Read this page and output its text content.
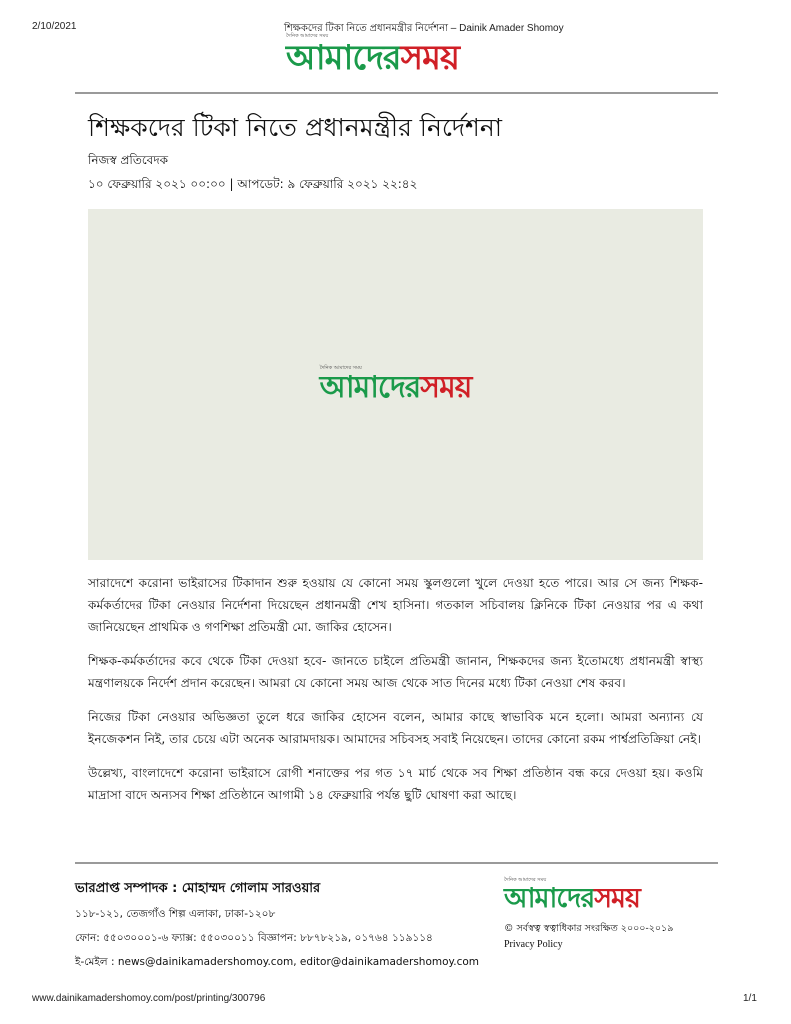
2/10/2021	শিক্ষকদের টিকা নিতে প্রধানমন্ত্রীর নির্দেশনা – Dainik Amader Shomoy
দৈনিক আমাদের সময়
আমাদেরসময়
শিক্ষকদের টিকা নিতে প্রধানমন্ত্রীর নির্দেশনা
নিজস্ব প্রতিবেদক
১০ ফেব্রুয়ারি ২০২১ ০০:০০ | আপডেট: ৯ ফেব্রুয়ারি ২০২১ ২২:৪২
দৈনিক আমাদের সময়
আমাদেরসময়

সারাদেশে করোনা ভাইরাসের টিকাদান শুরু হওয়ায় যে কোনো সময় স্কুলগুলো খুলে দেওয়া হতে পারে। আর সে জন্য শিক্ষক-কর্মকর্তাদের টিকা নেওয়ার নির্দেশনা দিয়েছেন প্রধানমন্ত্রী শেখ হাসিনা। গতকাল সচিবালয় ক্লিনিকে টিকা নেওয়ার পর এ কথা জানিয়েছেন প্রাথমিক ও গণশিক্ষা প্রতিমন্ত্রী মো. জাকির হোসেন।

শিক্ষক-কর্মকর্তাদের কবে থেকে টিকা দেওয়া হবে- জানতে চাইলে প্রতিমন্ত্রী জানান, শিক্ষকদের জন্য ইতোমধ্যে প্রধানমন্ত্রী স্বাস্থ্য মন্ত্রণালয়কে নির্দেশ প্রদান করেছেন। আমরা যে কোনো সময় আজ থেকে সাত দিনের মধ্যে টিকা নেওয়া শেষ করব।

নিজের টিকা নেওয়ার অভিজ্ঞতা তুলে ধরে জাকির হোসেন বলেন, আমার কাছে স্বাভাবিক মনে হলো। আমরা অন্যান্য যে ইনজেকশন নিই, তার চেয়ে এটা অনেক আরামদায়ক। আমাদের সচিবসহ সবাই নিয়েছেন। তাদের কোনো রকম পার্শ্বপ্রতিক্রিয়া নেই।

উল্লেখ্য, বাংলাদেশে করোনা ভাইরাসে রোগী শনাক্তের পর গত ১৭ মার্চ থেকে সব শিক্ষা প্রতিষ্ঠান বন্ধ করে দেওয়া হয়। কওমি মাদ্রাসা বাদে অন্যসব শিক্ষা প্রতিষ্ঠানে আগামী ১৪ ফেব্রুয়ারি পর্যন্ত ছুটি ঘোষণা করা আছে।

ভারপ্রাপ্ত সম্পাদক : মোহাম্মদ গোলাম সারওয়ার
১১৮-১২১, তেজগাঁও শিল্প এলাকা, ঢাকা-১২০৮
ফোন: ৫৫০৩০০০১-৬ ফ্যাক্স: ৫৫০৩০০১১ বিজ্ঞাপন: ৮৮৭৮২১৯, ০১৭৬৪ ১১৯১১৪
ই-মেইল : news@dainikamadershomoy.com, editor@dainikamadershomoy.com
দৈনিক আমাদের সময়
আমাদেরসময়
© সর্বস্বত্ব স্বত্বাধিকার সংরক্ষিত ২০০০-২০১৯
Privacy Policy
www.dainikamadershomoy.com/post/printing/300796	1/1
